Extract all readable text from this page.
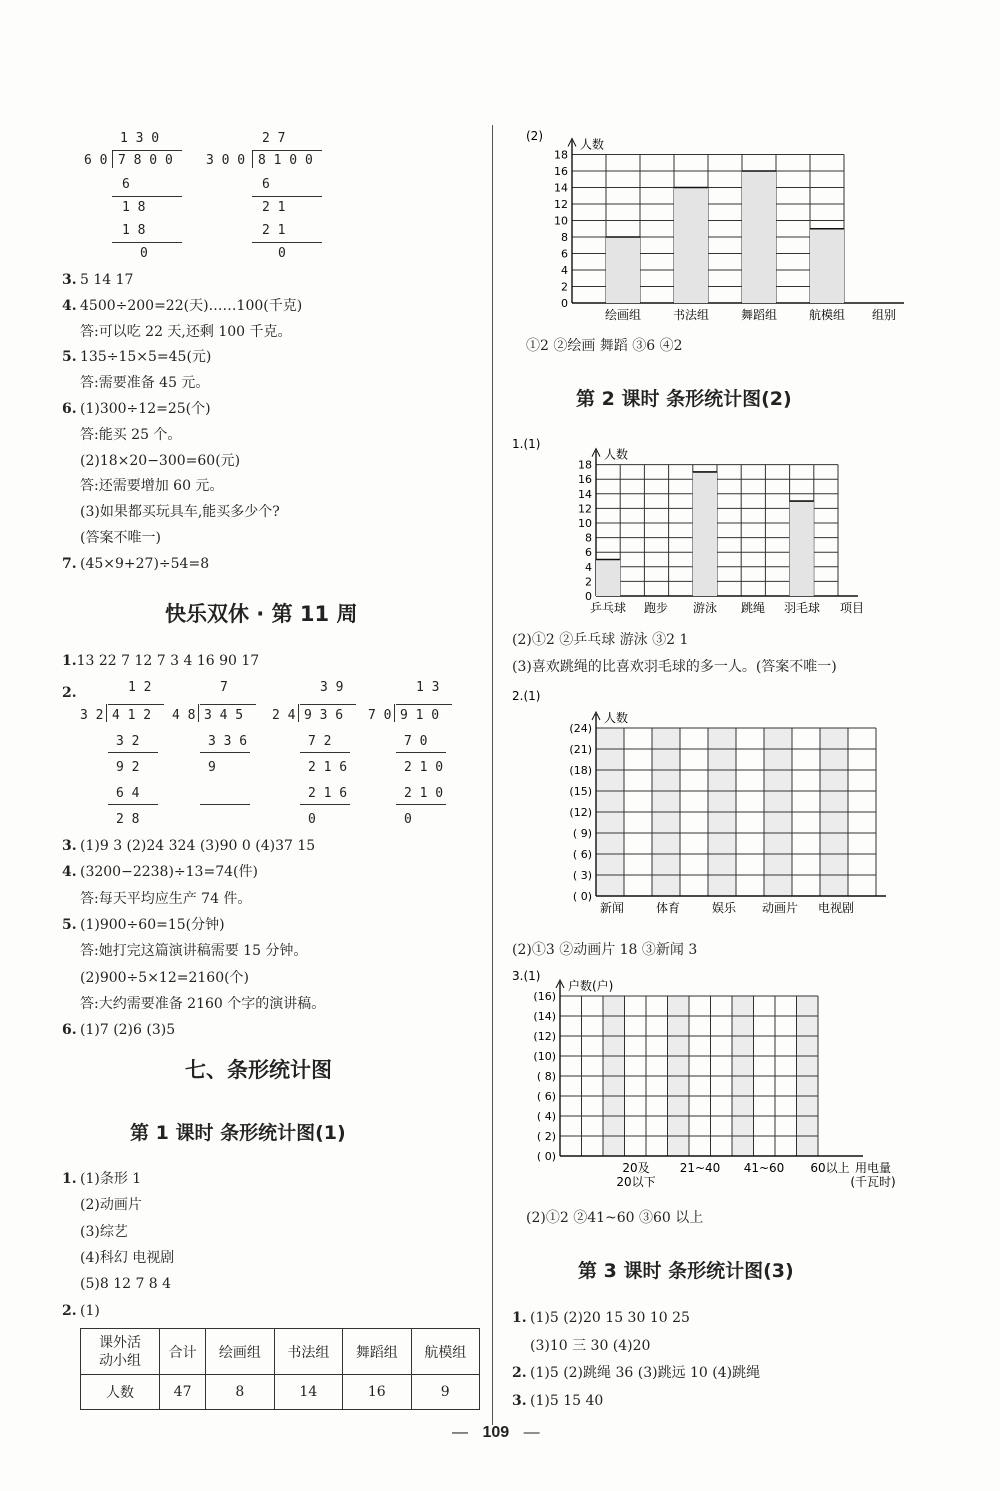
1 3 0
6 0 7 8 0 0
6
1 8
1 8
0
2 7
3 0 0 8 1 0 0
6
2 1
2 1
0
3. 5 14 17
4. 4500÷200=22(天)……100(千克)
答:可以吃 22 天,还剩 100 千克。
5. 135÷15×5=45(元)
答:需要准备 45 元。
6. (1)300÷12=25(个)
答:能买 25 个。
(2)18×20−300=60(元)
答:还需要增加 60 元。
(3)如果都买玩具车,能买多少个?
(答案不唯一)
7. (45×9+27)÷54=8
快乐双休 · 第 11 周
1.13 22 7 12 7 3 4 16 90 17
2.	1 2
3 2 4 1 2
3 2
9 2
6 4
2 8
7
4 8 3 4 5
3 3 6
9
3 9
2 4 9 3 6
7 2
2 1 6
2 1 6
0
1 3
7 0 9 1 0
7 0
2 1 0
2 1 0
0
3. (1)9 3 (2)24 324 (3)90 0 (4)37 15
4. (3200−2238)÷13=74(件)
答:每天平均应生产 74 件。
5. (1)900÷60=15(分钟)
答:她打完这篇演讲稿需要 15 分钟。
(2)900÷5×12=2160(个)
答:大约需要准备 2160 个字的演讲稿。
6. (1)7 (2)6 (3)5
七、条形统计图
第 1 课时 条形统计图(1)
1. (1)条形 1
(2)动画片
(3)综艺
(4)科幻 电视剧
(5)8 12 7 8 4
2. (1)
课外活
动小组	合计	绘画组	书法组	舞蹈组	航模组
人数	47	8	14	16	9
0
2
4
6
8
10
12
14
16
18
人数
绘画组	书法组	舞蹈组	航模组 组别
(2)
①2 ②绘画 舞蹈 ③6 ④2
第 2 课时 条形统计图(2)
0
2
4
6
8
10
12
14
16
18
人数
乒乓球 跑步 游泳 跳绳 羽毛球 项目
1.(1)
(2)①2 ②乒乓球 游泳 ③2 1
(3)喜欢跳绳的比喜欢羽毛球的多一人。(答案不唯一)
( 0)
( 3)
( 6)
( 9)
(12)
(15)
(18)
(21)
(24)
人数
新闻	体育	娱乐 动画片 电视剧
2.(1)
(2)①3 ②动画片 18 ③新闻 3
( 0)
( 2)
( 4)
( 6)
( 8)
(10)
(12)
(14)
(16)
户数(户)
20及
20以下
21~40 41~60 60以上 用电量
(千瓦时)
3.(1)
(2)①2 ②41~60 ③60 以上
第 3 课时 条形统计图(3)
1. (1)5 (2)20 15 30 10 25
(3)10 三 30 (4)20
2. (1)5 (2)跳绳 36 (3)跳远 10 (4)跳绳
3. (1)5 15 40
— 109 —
